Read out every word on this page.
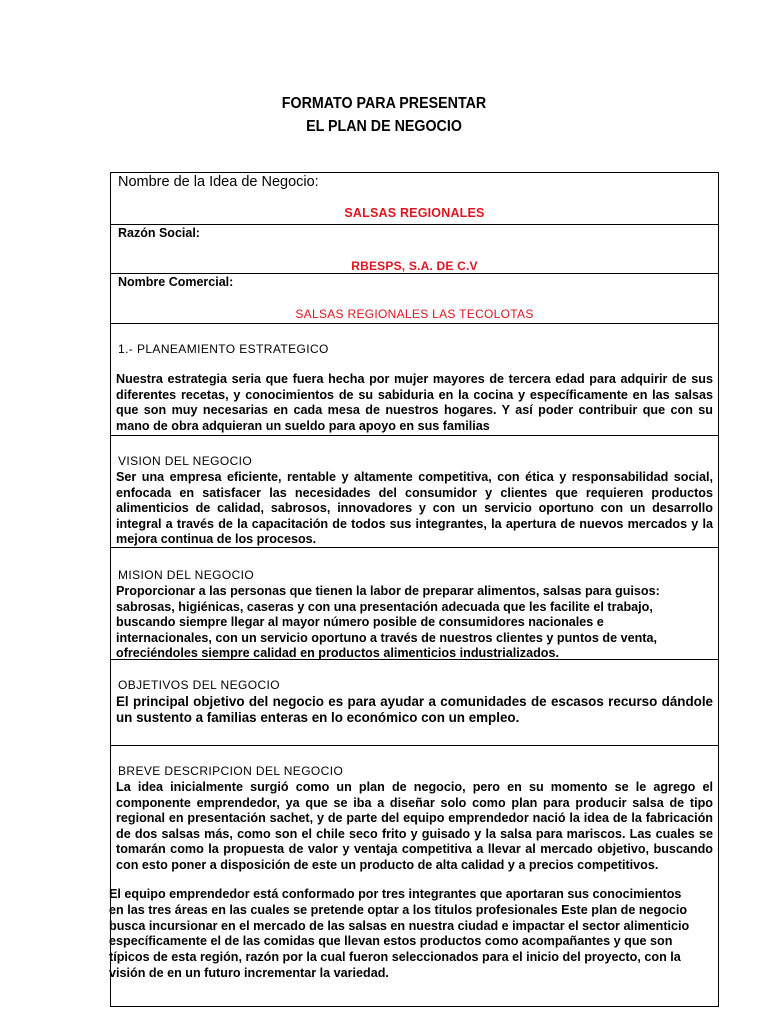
FORMATO PARA PRESENTAR
EL PLAN DE NEGOCIO
Nombre de la Idea de Negocio:
SALSAS REGIONALES
Razón Social:
RBESPS, S.A. DE C.V
Nombre Comercial:
SALSAS REGIONALES LAS TECOLOTAS
1.- PLANEAMIENTO ESTRATEGICO
Nuestra estrategia seria que fuera hecha por mujer mayores de tercera edad para adquirir de sus diferentes recetas, y conocimientos de su sabiduria en la cocina y específicamente en las salsas que son muy necesarias en cada mesa de nuestros hogares. Y así poder contribuir que con su mano de obra adquieran un sueldo para apoyo en sus familias
VISION DEL NEGOCIO
Ser una empresa eficiente, rentable y altamente competitiva, con ética y responsabilidad social, enfocada en satisfacer las necesidades del consumidor y clientes que requieren productos alimenticios de calidad, sabrosos, innovadores y con un servicio oportuno con un desarrollo integral a través de la capacitación de todos sus integrantes, la apertura de nuevos mercados y la mejora continua de los procesos.
MISION DEL NEGOCIO
Proporcionar a las personas que tienen la labor de preparar alimentos, salsas para guisos:
sabrosas, higiénicas, caseras y con una presentación adecuada que les facilite el trabajo,
buscando siempre llegar al mayor número posible de consumidores nacionales e
internacionales, con un servicio oportuno a través de nuestros clientes y puntos de venta,
ofreciéndoles siempre calidad en productos alimenticios industrializados.
OBJETIVOS DEL NEGOCIO
El principal objetivo del negocio es para ayudar a comunidades de escasos recurso dándole un sustento a familias enteras en lo económico con un empleo.
BREVE DESCRIPCION DEL NEGOCIO
La idea inicialmente surgió como un plan de negocio, pero en su momento se le agrego el componente emprendedor, ya que se iba a diseñar solo como plan para producir salsa de tipo regional en presentación sachet, y de parte del equipo emprendedor nació la idea de la fabricación de dos salsas más, como son el chile seco frito y guisado y la salsa para mariscos. Las cuales se tomarán como la propuesta de valor y ventaja competitiva a llevar al mercado objetivo, buscando con esto poner a disposición de este un producto de alta calidad y a precios competitivos.
El equipo emprendedor está conformado por tres integrantes que aportaran sus conocimientos
en las tres áreas en las cuales se pretende optar a los titulos profesionales Este plan de negocio
busca incursionar en el mercado de las salsas en nuestra ciudad e impactar el sector alimenticio
específicamente el de las comidas que llevan estos productos como acompañantes y que son
típicos de esta región, razón por la cual fueron seleccionados para el inicio del proyecto, con la
visión de en un futuro incrementar la variedad.
